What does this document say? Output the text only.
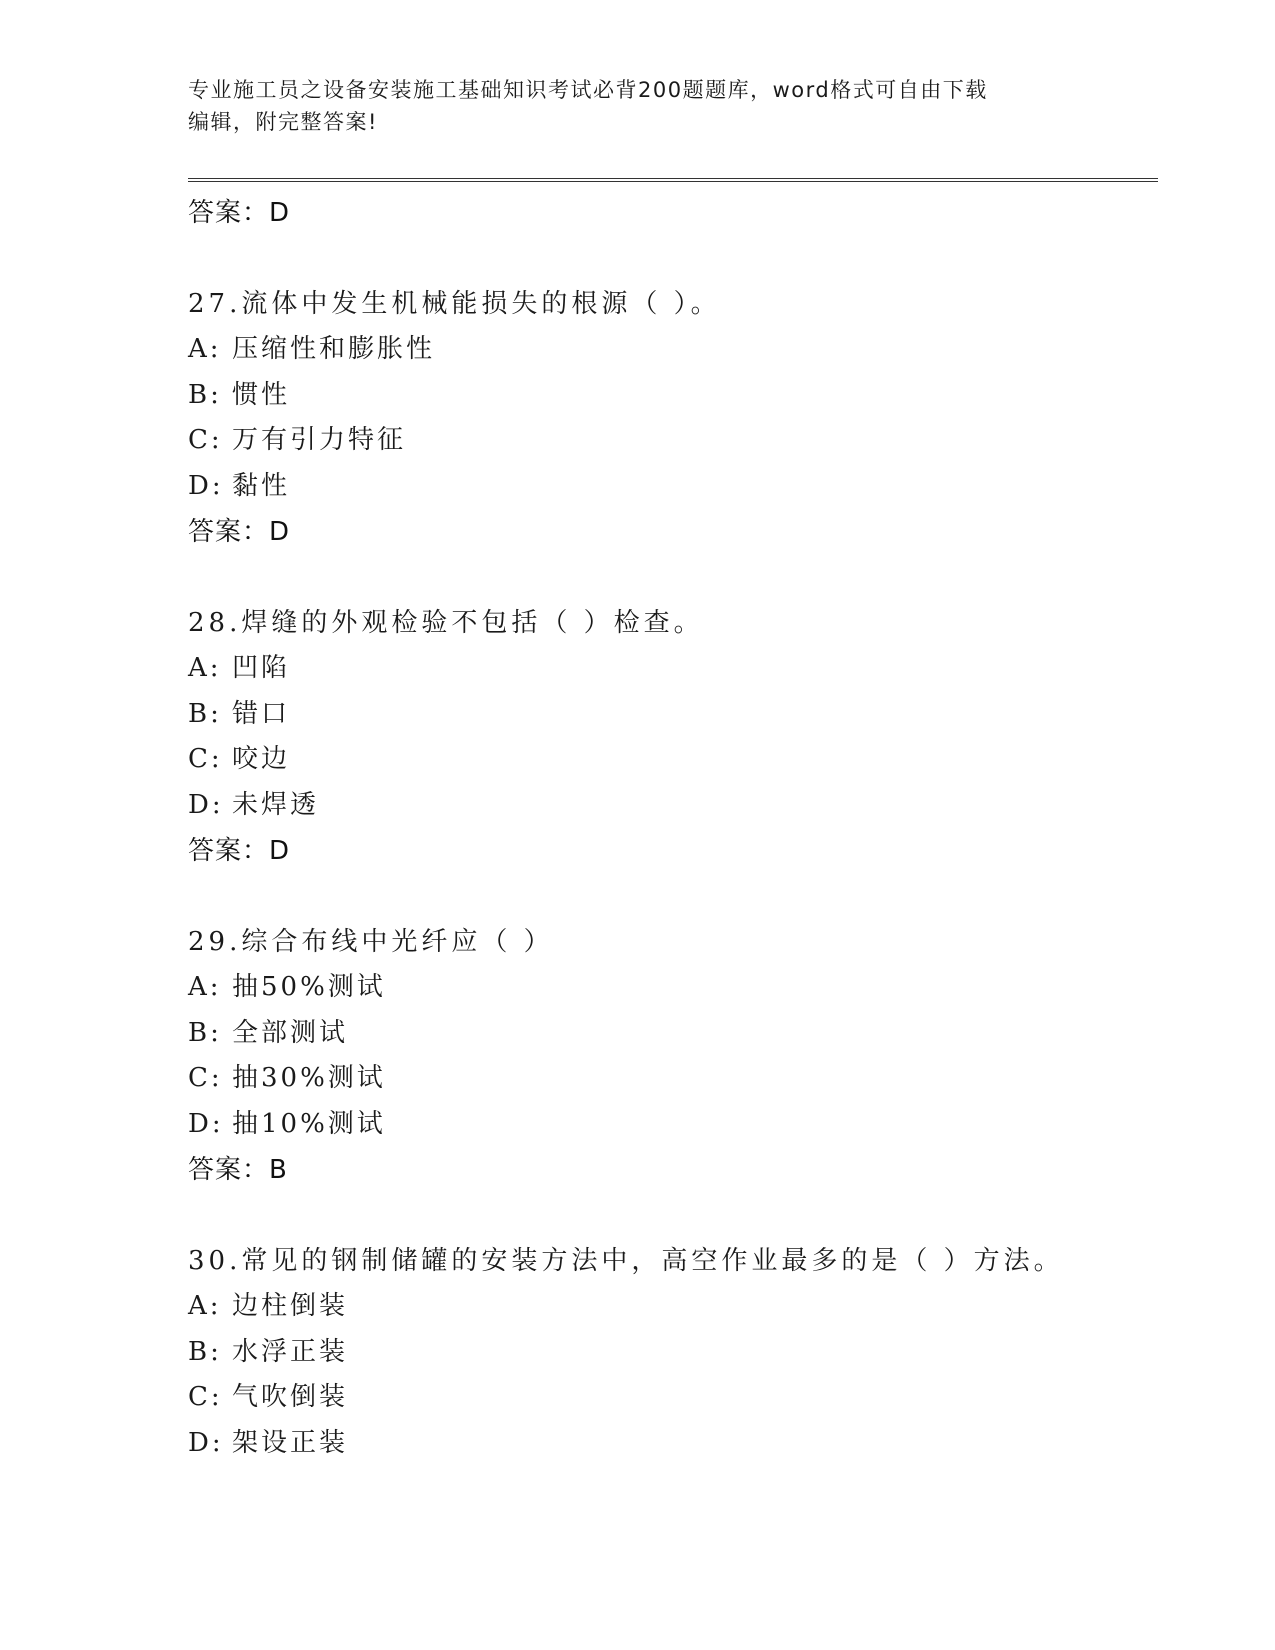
专业施工员之设备安装施工基础知识考试必背200题题库，word格式可自由下载
编辑，附完整答案!
答案：D
27.流体中发生机械能损失的根源（ ）。
A: 压缩性和膨胀性
B: 惯性
C: 万有引力特征
D: 黏性
答案：D
28.焊缝的外观检验不包括（ ）检查。
A: 凹陷
B: 错口
C: 咬边
D: 未焊透
答案：D
29.综合布线中光纤应（ ）
A: 抽50%测试
B: 全部测试
C: 抽30%测试
D: 抽10%测试
答案：B
30.常见的钢制储罐的安装方法中，高空作业最多的是（ ）方法。
A: 边柱倒装
B: 水浮正装
C: 气吹倒装
D: 架设正装
